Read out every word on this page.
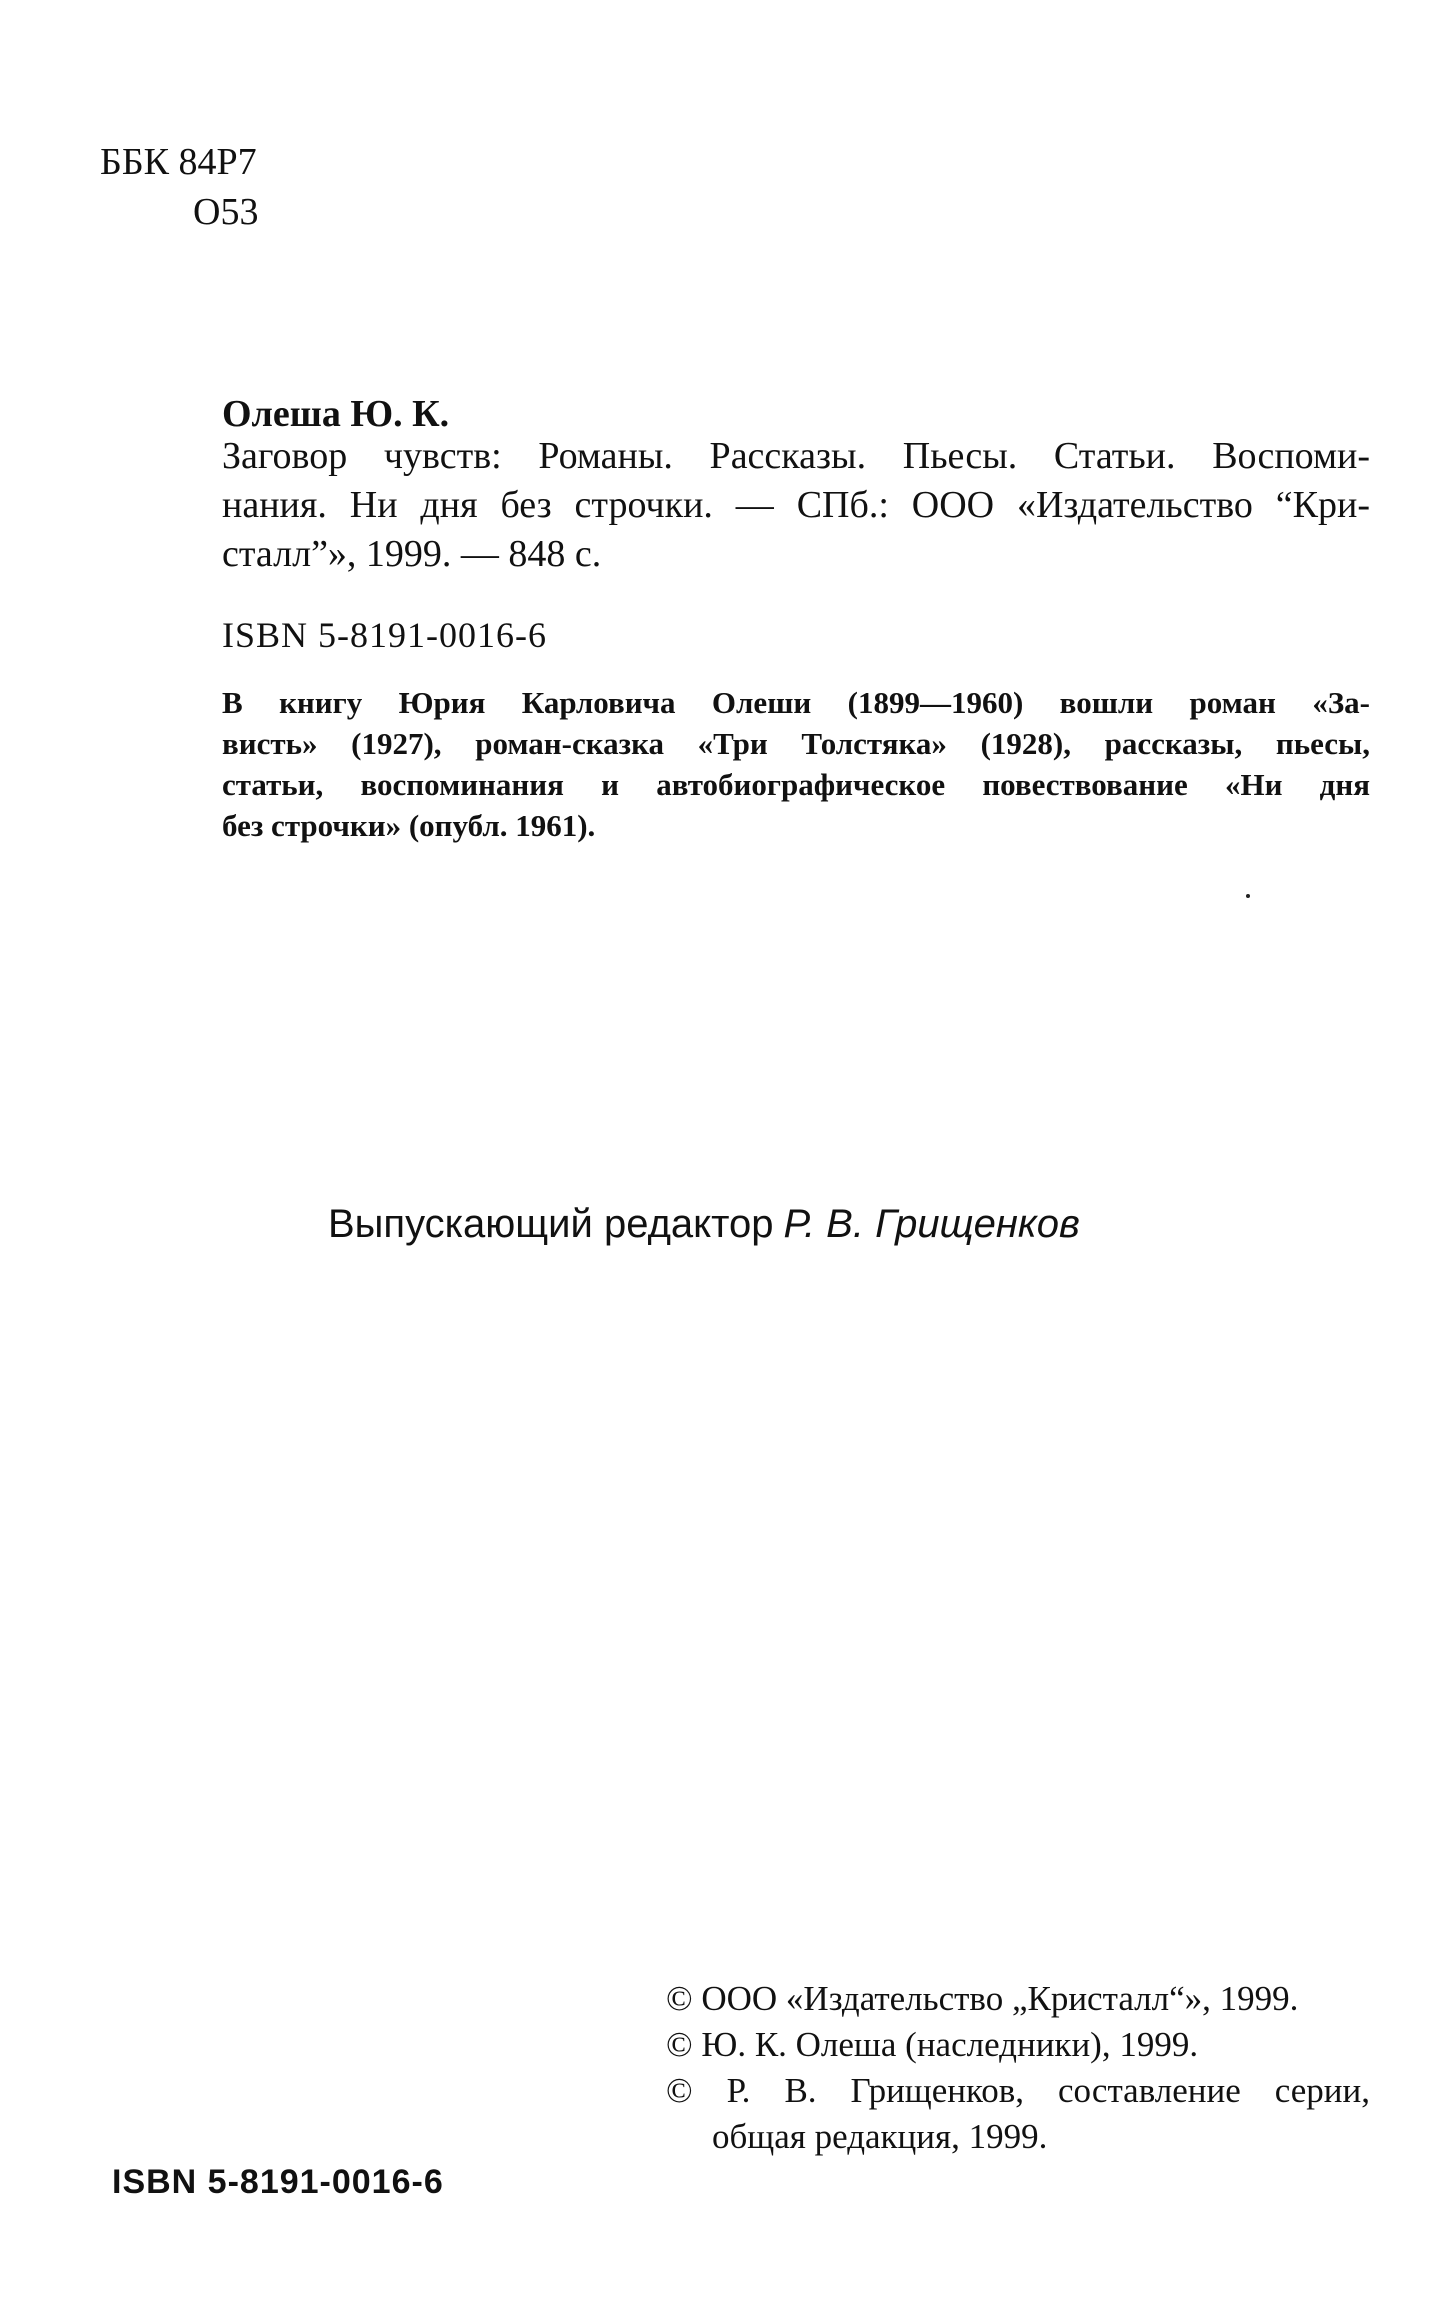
ББК 84Р7
О53
Олеша Ю. К.
Заговор чувств: Романы. Рассказы. Пьесы. Статьи. Воспоми-
нания. Ни дня без строчки. — СПб.: ООО «Издательство “Кри-
сталл”», 1999. — 848 с.
ISBN 5-8191-0016-6
В книгу Юрия Карловича Олеши (1899—1960) вошли роман «За-
висть» (1927), роман-сказка «Три Толстяка» (1928), рассказы, пьесы,
статьи, воспоминания и автобиографическое повествование «Ни дня
без строчки» (опубл. 1961).
Выпускающий редактор Р. В. Грищенков
© ООО «Издательство „Кристалл“», 1999.
© Ю. К. Олеша (наследники), 1999.
© Р. В. Грищенков, составление серии,
общая редакция, 1999.
ISBN 5-8191-0016-6
